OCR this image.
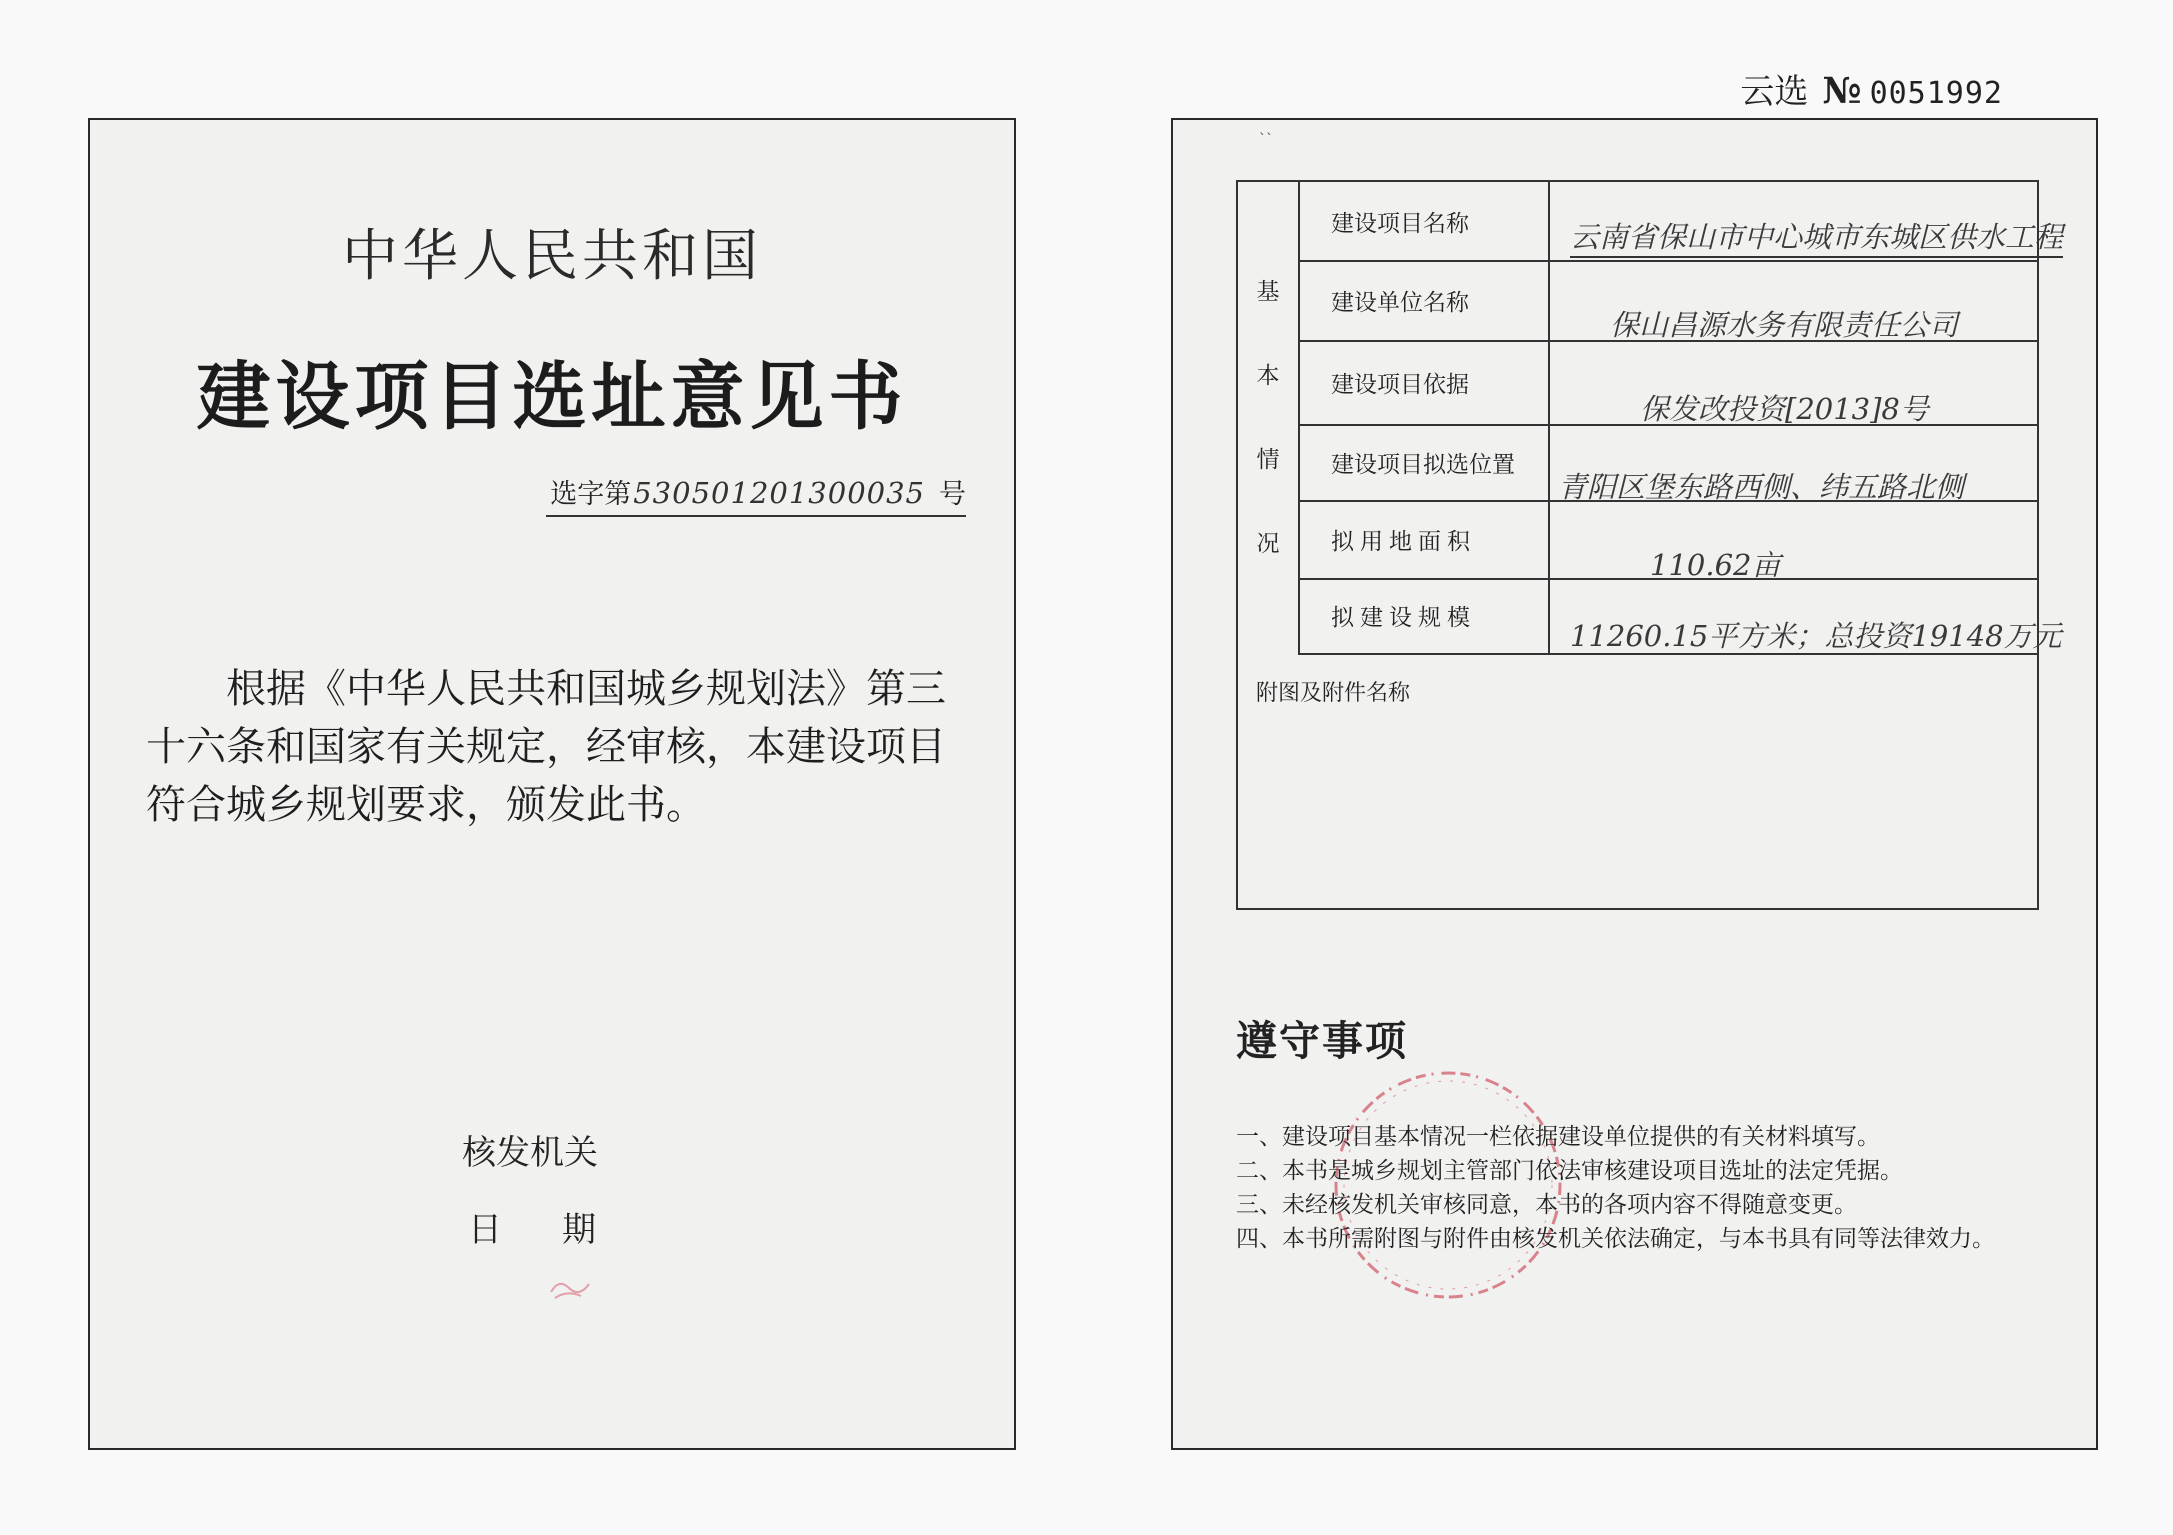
中华人民共和国
建设项目选址意见书
选字第530501201300035 号
根据《中华人民共和国城乡规划法》第三十六条和国家有关规定，经审核，本建设项目符合城乡规划要求，颁发此书。
核发机关
日期
云选 № 0051992
``
基
本
情
况
建设项目名称	云南省保山市中心城市东城区供水工程
建设单位名称
保山昌源水务有限责任公司
建设项目依据
保发改投资[2013]8号
建设项目拟选位置
青阳区堡东路西侧、纬五路北侧
拟用地面积
110.62亩
拟建设规模
11260.15平方米；总投资19148万元
附图及附件名称
遵守事项
一、 建设项目基本情况一栏依据建设单位提供的有关材料填写。
二、 本书是城乡规划主管部门依法审核建设项目选址的法定凭据。
三、 未经核发机关审核同意，本书的各项内容不得随意变更。
四、 本书所需附图与附件由核发机关依法确定，与本书具有同等法律效力。
